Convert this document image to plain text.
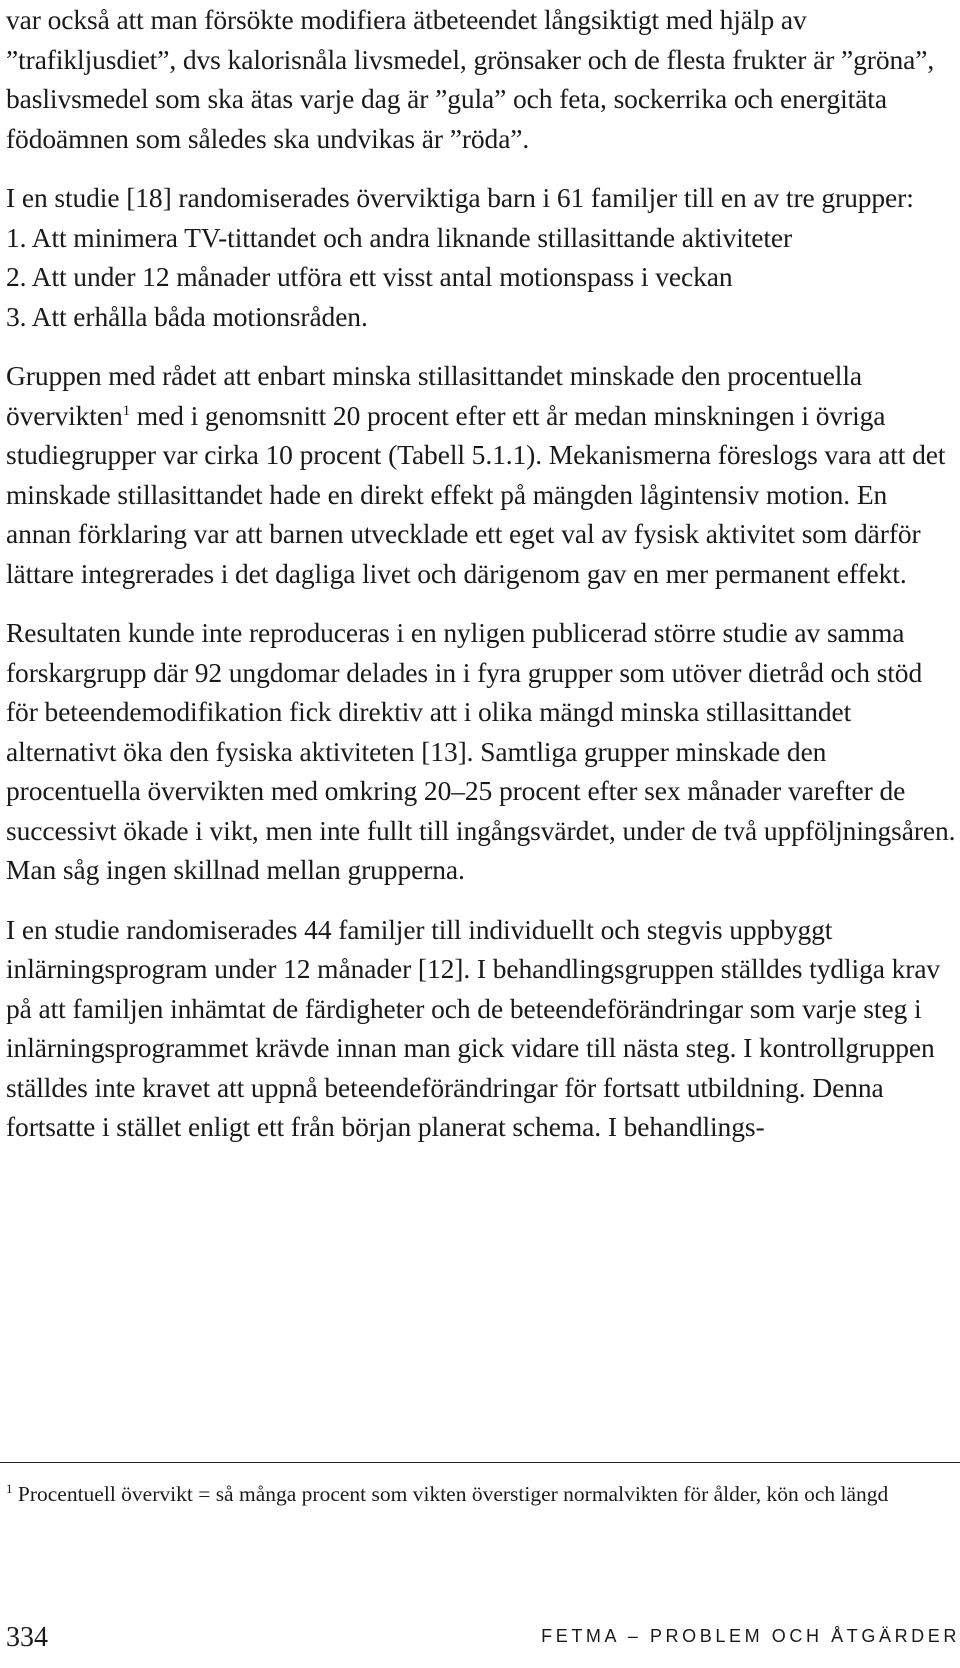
var också att man försökte modifiera ätbeteendet långsiktigt med hjälp av ”trafikljusdiet”, dvs kalorisnåla livsmedel, grönsaker och de flesta frukter är ”gröna”, baslivsmedel som ska ätas varje dag är ”gula” och feta, sockerrika och energitäta födoämnen som således ska undvikas är ”röda”.

I en studie [18] randomiserades överviktiga barn i 61 familjer till en av tre grupper:

1. Att minimera TV-tittandet och andra liknande stillasittande aktiviteter

2. Att under 12 månader utföra ett visst antal motionspass i veckan

3. Att erhålla båda motionsråden.

Gruppen med rådet att enbart minska stillasittandet minskade den procentuella övervikten$^1$ med i genomsnitt 20 procent efter ett år medan minskningen i övriga studiegrupper var cirka 10 procent (Tabell 5.1.1). Mekanismerna föreslogs vara att det minskade stillasittandet hade en direkt effekt på mängden lågintensiv motion. En annan förklaring var att barnen utvecklade ett eget val av fysisk aktivitet som därför lättare integrerades i det dagliga livet och därigenom gav en mer permanent effekt.

Resultaten kunde inte reproduceras i en nyligen publicerad större studie av samma forskargrupp där 92 ungdomar delades in i fyra grupper som utöver dietråd och stöd för beteendemodifikation fick direktiv att i olika mängd minska stillasittandet alternativt öka den fysiska aktiviteten [13]. Samtliga grupper minskade den procentuella övervikten med omkring 20–25 procent efter sex månader varefter de successivt ökade i vikt, men inte fullt till ingångsvärdet, under de två uppföljningsåren. Man såg ingen skillnad mellan grupperna.

I en studie randomiserades 44 familjer till individuellt och stegvis uppbyggt inlärningsprogram under 12 månader [12]. I behandlingsgruppen ställdes tydliga krav på att familjen inhämtat de färdigheter och de beteendeförändringar som varje steg i inlärningsprogrammet krävde innan man gick vidare till nästa steg. I kontrollgruppen ställdes inte kravet att uppnå beteendeförändringar för fortsatt utbildning. Denna fortsatte i stället enligt ett från början planerat schema. I behandlings-

$^1$ Procentuell övervikt = så många procent som vikten överstiger normalvikten för ålder, kön och längd

334	FETMA – PROBLEM OCH ÅTGÄRDER
